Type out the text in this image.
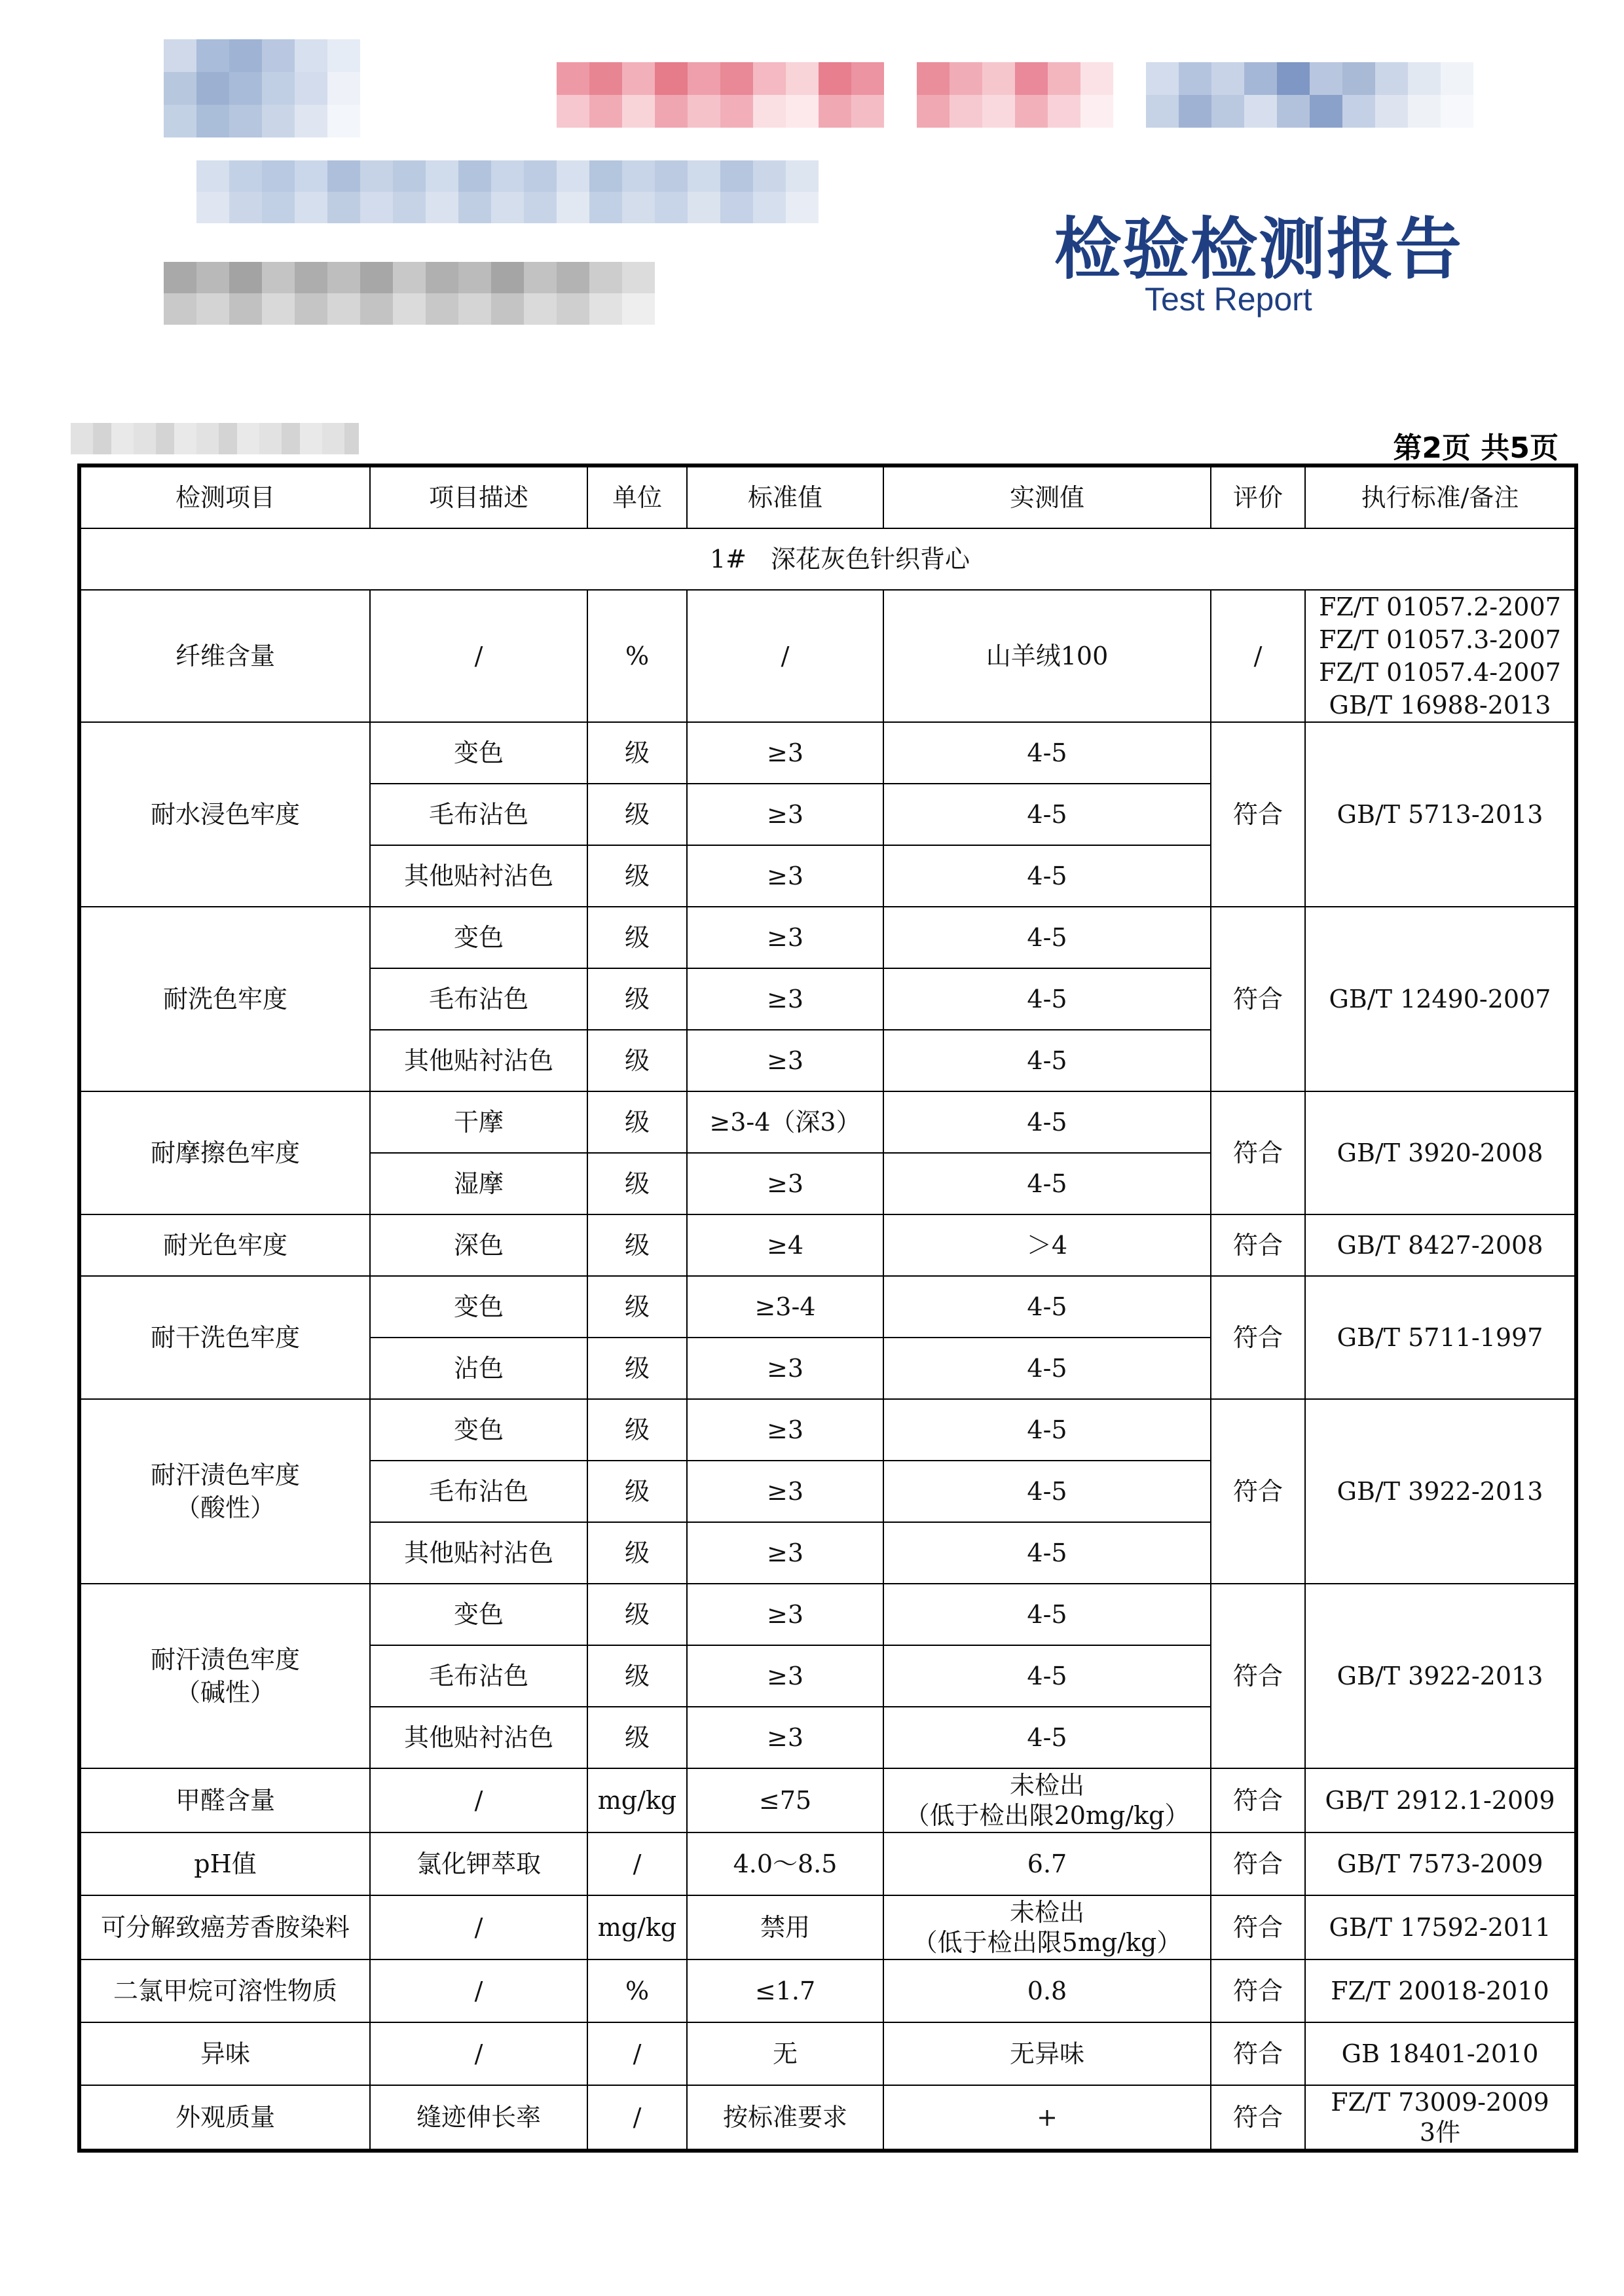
检验检测报告
Test Report
第2页 共5页
检测项目	项目描述	单位	标准值	实测值	评价	执行标准/备注
1# 深花灰色针织背心						
纤维含量	/	%	/	山羊绒100	/	FZ/T 01057.2-2007
FZ/T 01057.3-2007
FZ/T 01057.4-2007
GB/T 16988-2013

耐水浸色牢度	变色	级	≥3	4-5	符合	GB/T 5713-2013
	毛布沾色	级	≥3	4-5		
	其他贴衬沾色	级	≥3	4-5		
耐洗色牢度	变色	级	≥3	4-5	符合	GB/T 12490-2007
	毛布沾色	级	≥3	4-5		
	其他贴衬沾色	级	≥3	4-5		
耐摩擦色牢度	干摩	级	≥3-4（深3）	4-5	符合	GB/T 3920-2008
	湿摩	级	≥3	4-5		
耐光色牢度	深色	级	≥4	＞4	符合	GB/T 8427-2008
耐干洗色牢度	变色	级	≥3-4	4-5	符合	GB/T 5711-1997
	沾色	级	≥3	4-5		

耐汗渍色牢度
（酸性）	变色	级	≥3	4-5	符合	GB/T 3922-2013
	毛布沾色	级	≥3	4-5		
	其他贴衬沾色	级	≥3	4-5		

耐汗渍色牢度
（碱性）	变色	级	≥3	4-5	符合	GB/T 3922-2013
	毛布沾色	级	≥3	4-5		
	其他贴衬沾色	级	≥3	4-5		
甲醛含量	/	mg/kg	≤75	未检出
（低于检出限20mg/kg）	符合	GB/T 2912.1-2009
pH值	氯化钾萃取	/	4.0～8.5	6.7	符合	GB/T 7573-2009
可分解致癌芳香胺染料	/	mg/kg	禁用	未检出
（低于检出限5mg/kg）	符合	GB/T 17592-2011
二氯甲烷可溶性物质	/	%	≤1.7	0.8	符合	FZ/T 20018-2010
异味	/	/	无	无异味	符合	GB 18401-2010
外观质量	缝迹伸长率	/	按标准要求	+	符合	FZ/T 73009-2009
3件
